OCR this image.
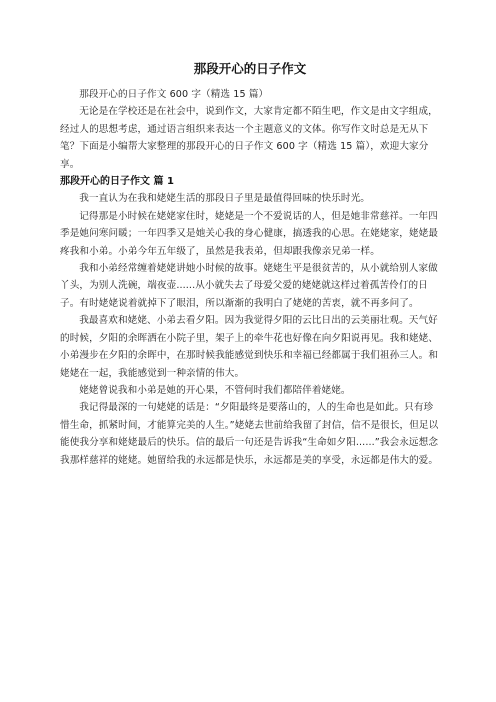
那段开心的日子作文

那段开心的日子作文 600 字（精选 15 篇）

无论是在学校还是在社会中，说到作文，大家肯定都不陌生吧，作文是由文字组成，经过人的思想考虑，通过语言组织来表达一个主题意义的文体。你写作文时总是无从下笔？下面是小编帮大家整理的那段开心的日子作文 600 字（精选 15 篇），欢迎大家分享。

那段开心的日子作文 篇 1

我一直认为在我和姥姥生活的那段日子里是最值得回味的快乐时光。

记得那是小时候在姥姥家住时，姥姥是一个不爱说话的人，但是她非常慈祥。一年四季是她问寒问暖；一年四季又是她关心我的身心健康，搞透我的心思。在姥姥家，姥姥最疼我和小弟。小弟今年五年级了，虽然是我表弟，但却跟我像亲兄弟一样。

我和小弟经常缠着姥姥讲她小时候的故事。姥姥生平是很贫苦的，从小就给别人家做丫头，为别人洗碗，端夜壶......从小就失去了母爱父爱的姥姥就这样过着孤苦伶仃的日子。有时姥姥说着就掉下了眼泪，所以渐渐的我明白了姥姥的苦衷，就不再多问了。

我最喜欢和姥姥、小弟去看夕阳。因为我觉得夕阳的云比日出的云美丽壮观。天气好的时候，夕阳的余晖洒在小院子里，架子上的牵牛花也好像在向夕阳说再见。我和姥姥、小弟漫步在夕阳的余晖中，在那时候我能感觉到快乐和幸福已经都属于我们祖孙三人。和姥姥在一起，我能感觉到一种亲情的伟大。

姥姥曾说我和小弟是她的开心果，不管何时我们都陪伴着姥姥。

我记得最深的一句姥姥的话是：“夕阳最终是要落山的，人的生命也是如此。只有珍惜生命，抓紧时间，才能算完美的人生。”姥姥去世前给我留了封信，信不是很长，但足以能使我分享和姥姥最后的快乐。信的最后一句还是告诉我“生命如夕阳......”我会永远想念我那样慈祥的姥姥。她留给我的永远都是快乐，永远都是美的享受，永远都是伟大的爱。
